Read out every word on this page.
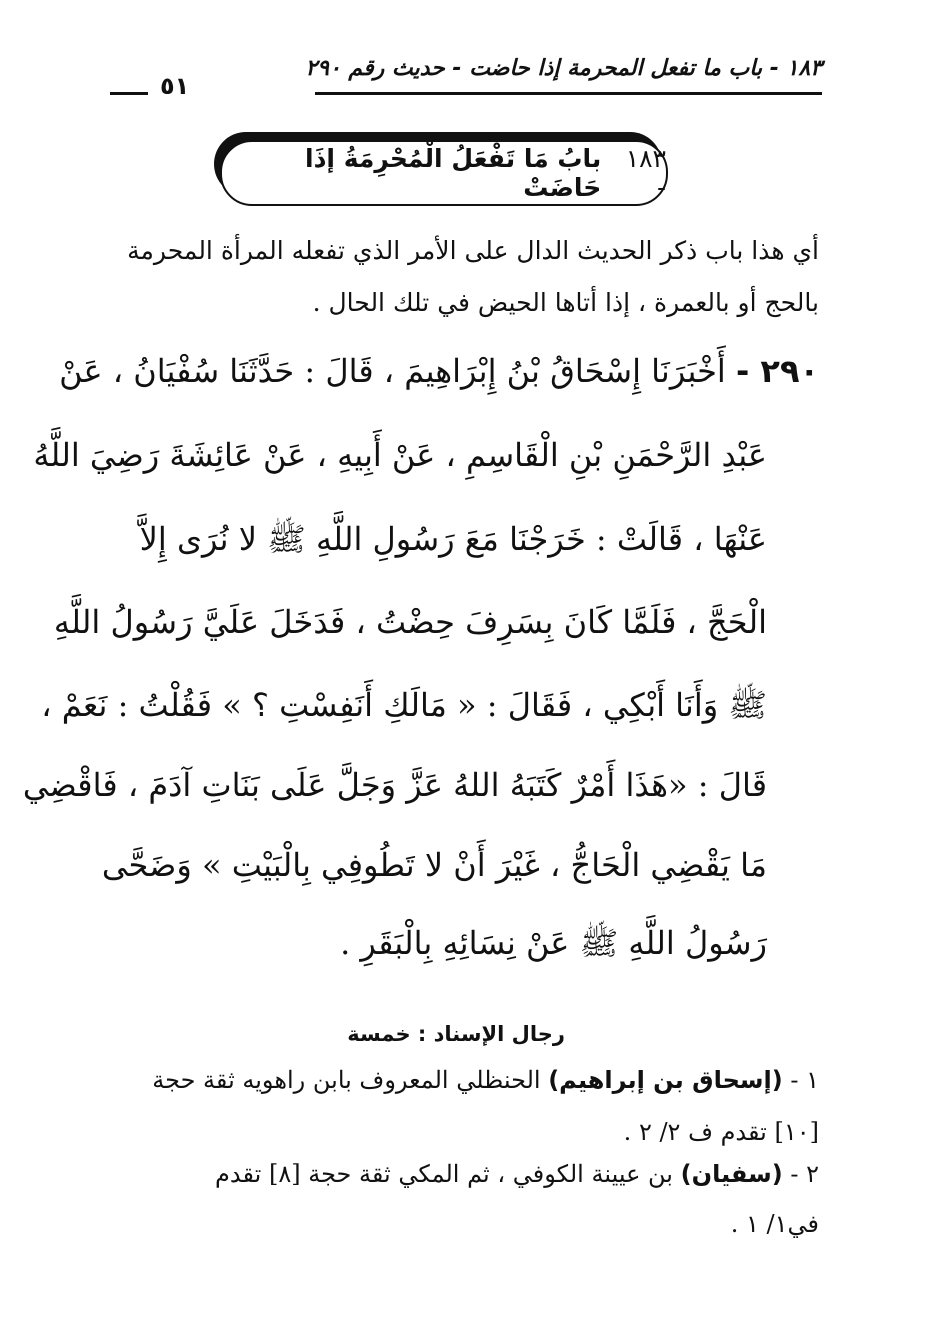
١٨٣ - باب ما تفعل المحرمة إذا حاضت - حديث رقم ٢٩٠
٥١
١٨٣ -
بابُ مَا تَفْعَلُ الْمُحْرِمَةُ إذَا حَاضَتْ
أي هذا باب ذكر الحديث الدال على الأمر الذي تفعله المرأة المحرمة
بالحج أو بالعمرة ، إذا أتاها الحيض في تلك الحال .
٢٩٠ - أَخْبَرَنَا إِسْحَاقُ بْنُ إِبْرَاهِيمَ ، قَالَ : حَدَّثَنَا سُفْيَانُ ، عَنْ
عَبْدِ الرَّحْمَنِ بْنِ الْقَاسِمِ ، عَنْ أَبِيهِ ، عَنْ عَائِشَةَ رَضِيَ اللَّهُ
عَنْهَا ، قَالَتْ : خَرَجْنَا مَعَ رَسُولِ اللَّهِ ﷺ لا نُرَى إِلاَّ
الْحَجَّ ، فَلَمَّا كَانَ بِسَرِفَ حِضْتُ ، فَدَخَلَ عَلَيَّ رَسُولُ اللَّهِ
ﷺ وَأَنَا أَبْكِي ، فَقَالَ : « مَالَكِ أَنَفِسْتِ ؟ » فَقُلْتُ : نَعَمْ ،
قَالَ : «هَذَا أَمْرٌ كَتَبَهُ اللهُ عَزَّ وَجَلَّ عَلَى بَنَاتِ آدَمَ ، فَاقْضِي
مَا يَقْضِي الْحَاجُّ ، غَيْرَ أَنْ لا تَطُوفِي بِالْبَيْتِ » وَضَحَّى
رَسُولُ اللَّهِ ﷺ عَنْ نِسَائِهِ بِالْبَقَرِ .
رجال الإسناد : خمسة
١ - (إسحاق بن إبراهيم) الحنظلي المعروف بابن راهويه ثقة حجة
[١٠] تقدم ف ٢/ ٢ .
٢ - (سفيان) بن عيينة الكوفي ، ثم المكي ثقة حجة [٨] تقدم
في١/ ١ .
